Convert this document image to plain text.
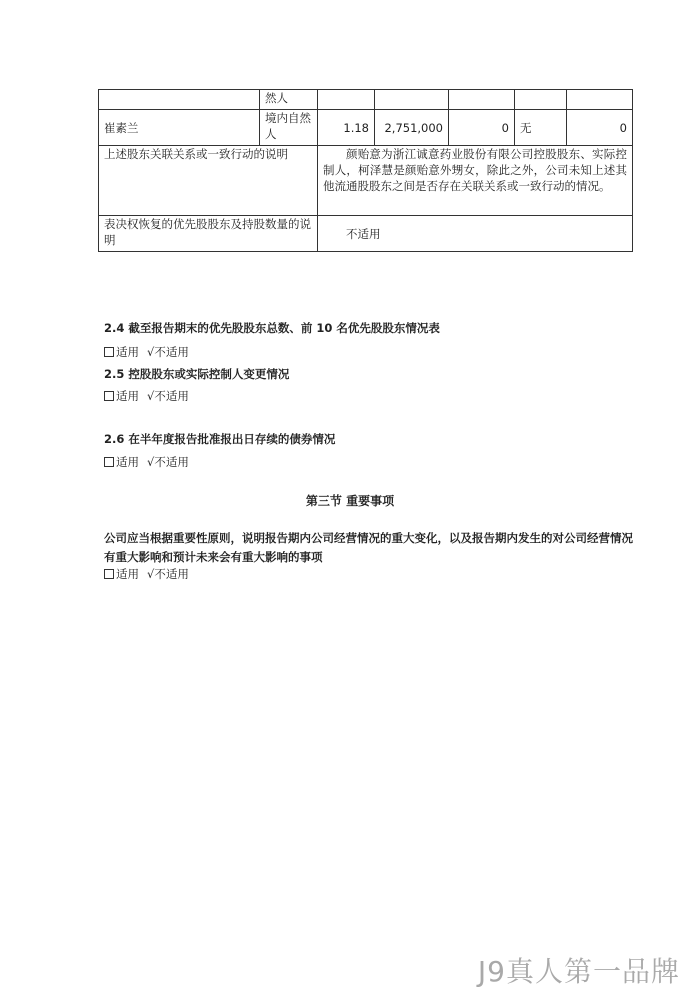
	然人					
崔素兰	境内自然人	1.18	2,751,000	0	无	0
上述股东关联关系或一致行动的说明		颜贻意为浙江诚意药业股份有限公司控股股东、实际控制人，柯泽慧是颜贻意外甥女，除此之外，公司未知上述其他流通股股东之间是否存在关联关系或一致行动的情况。				
表决权恢复的优先股股东及持股数量的说明		不适用				
2.4 截至报告期末的优先股股东总数、前 10 名优先股股东情况表
适用 √不适用
2.5 控股股东或实际控制人变更情况
适用 √不适用
2.6 在半年度报告批准报出日存续的债券情况
适用 √不适用
第三节 重要事项
公司应当根据重要性原则，说明报告期内公司经营情况的重大变化，以及报告期内发生的对公司经营情况有重大影响和预计未来会有重大影响的事项
适用 √不适用
J9真人第一品牌
